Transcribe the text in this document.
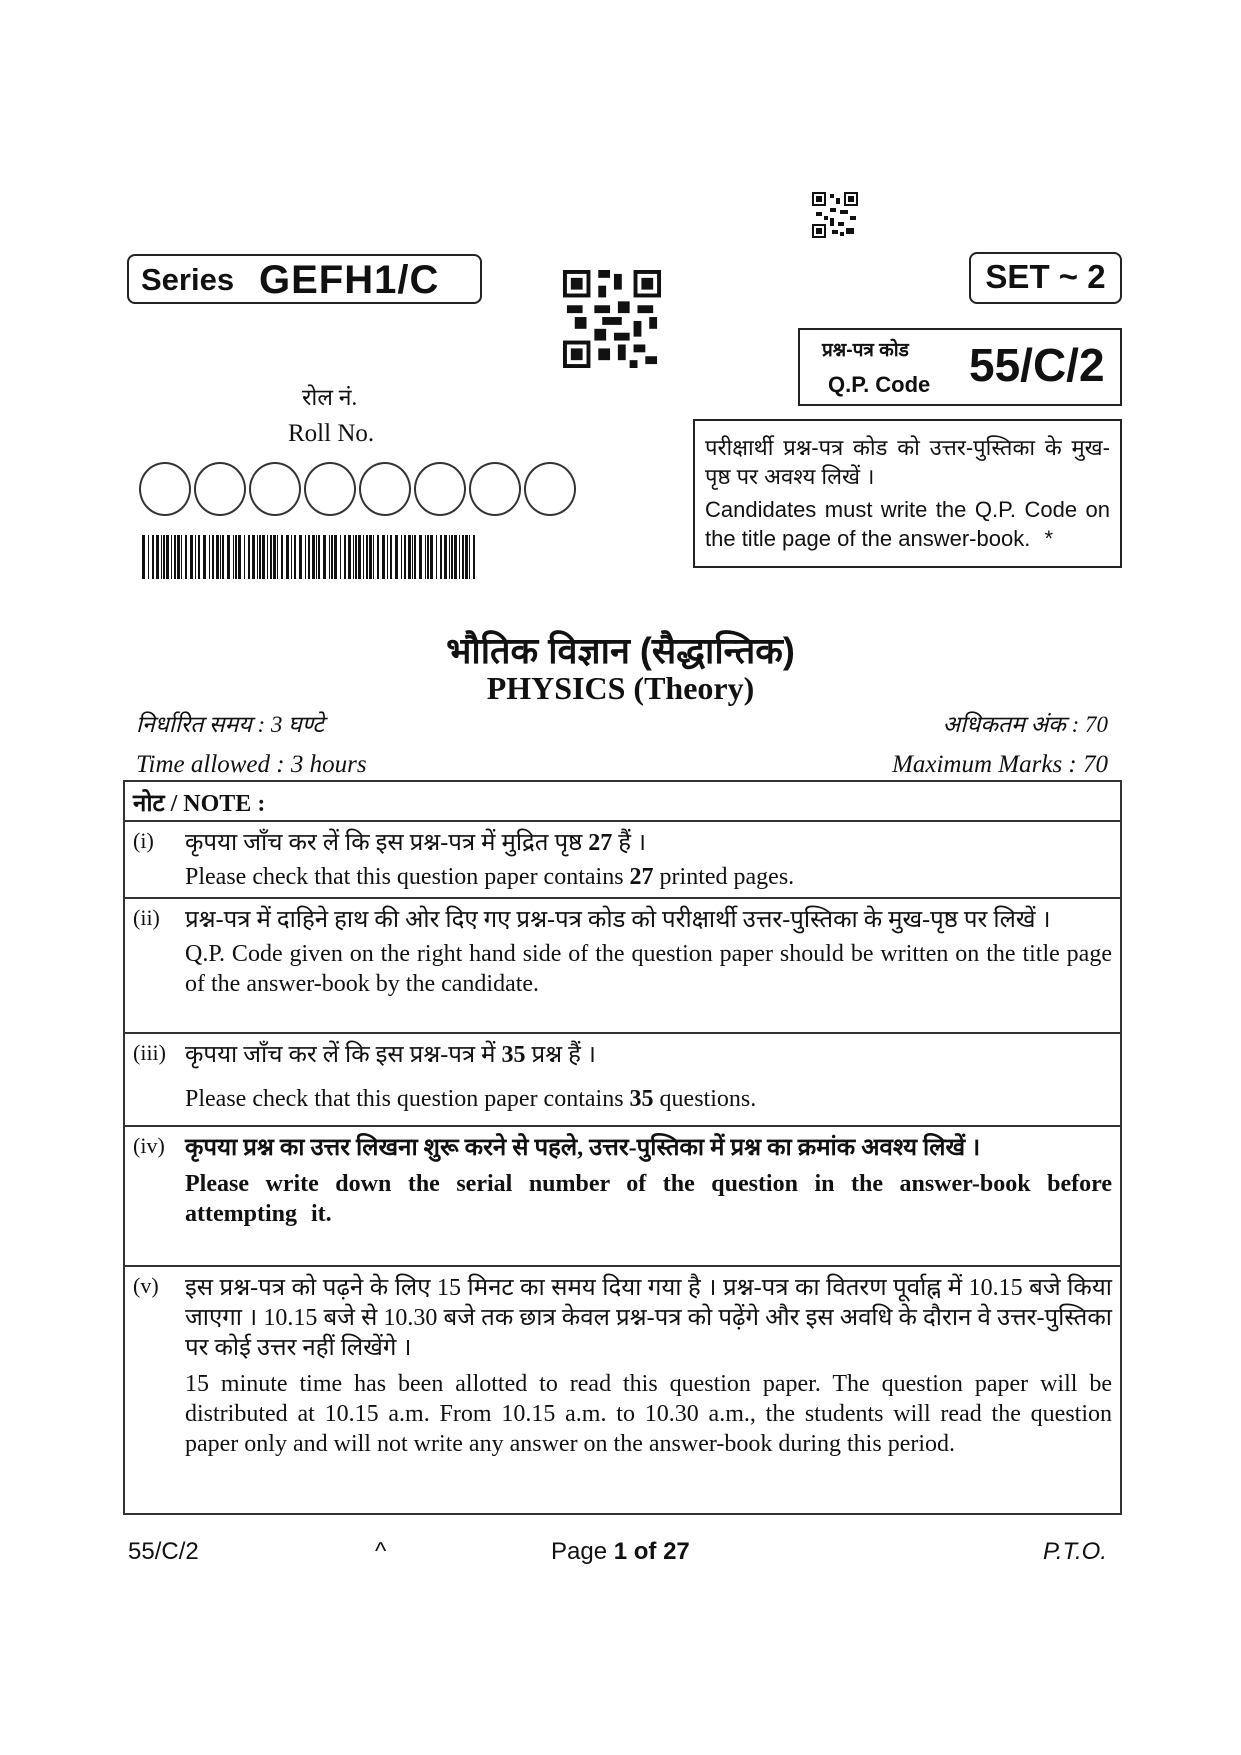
Series GEFH1/C	SET ~ 2
प्रश्न-पत्र कोड
Q.P. Code 55/C/2
परीक्षार्थी प्रश्न-पत्र कोड को उत्तर-पुस्तिका के मुख-पृष्ठ पर अवश्य लिखें ।
Candidates must write the Q.P. Code on the title page of the answer-book. *
रोल नं.
Roll No.
भौतिक विज्ञान (सैद्धान्तिक)
PHYSICS (Theory)
निर्धारित समय : 3 घण्टे	अधिकतम अंक : 70
Time allowed : 3 hours	Maximum Marks : 70
नोट / NOTE :
(i) कृपया जाँच कर लें कि इस प्रश्न-पत्र में मुद्रित पृष्ठ 27 हैं ।

Please check that this question paper contains 27 printed pages.

(ii) प्रश्न-पत्र में दाहिने हाथ की ओर दिए गए प्रश्न-पत्र कोड को परीक्षार्थी उत्तर-पुस्तिका के मुख-पृष्ठ पर लिखें ।

Q.P. Code given on the right hand side of the question paper should be written on the title page of the answer-book by the candidate.

(iii) कृपया जाँच कर लें कि इस प्रश्न-पत्र में 35 प्रश्न हैं ।

Please check that this question paper contains 35 questions.

(iv) कृपया प्रश्न का उत्तर लिखना शुरू करने से पहले, उत्तर-पुस्तिका में प्रश्न का क्रमांक अवश्य लिखें ।

Please write down the serial number of the question in the answer-book before attempting it.

(v) इस प्रश्न-पत्र को पढ़ने के लिए 15 मिनट का समय दिया गया है । प्रश्न-पत्र का वितरण पूर्वाह्न में 10.15 बजे किया जाएगा । 10.15 बजे से 10.30 बजे तक छात्र केवल प्रश्न-पत्र को पढ़ेंगे और इस अवधि के दौरान वे उत्तर-पुस्तिका पर कोई उत्तर नहीं लिखेंगे ।

15 minute time has been allotted to read this question paper. The question paper will be distributed at 10.15 a.m. From 10.15 a.m. to 10.30 a.m., the students will read the question paper only and will not write any answer on the answer-book during this period.

55/C/2	^	Page 1 of 27	P.T.O.
